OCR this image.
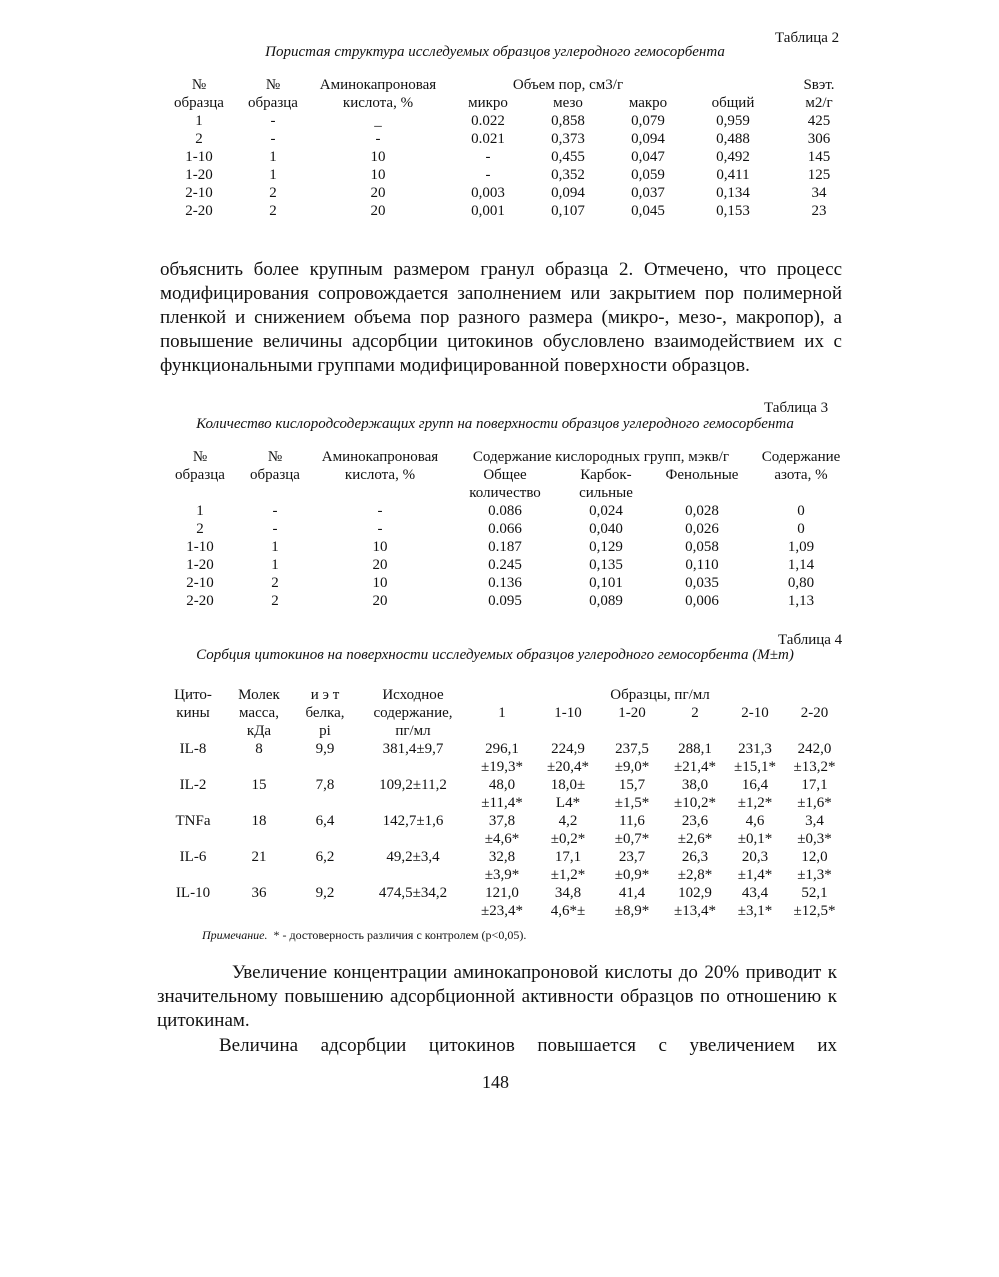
Таблица 2
Пористая структура исследуемых образцов углеродного гемосорбента
№	№	Аминокапроновая	Объем пор, см3/г				Sвэт.
образца	образца	кислота, %	микро	мезо	макро	общий	м2/г
1	-	_	0.022	0,858	0,079	0,959	425
2	-	-	0.021	0,373	0,094	0,488	306
1-10	1	10	-	0,455	0,047	0,492	145
1-20	1	10	-	0,352	0,059	0,411	125
2-10	2	20	0,003	0,094	0,037	0,134	34
2-20	2	20	0,001	0,107	0,045	0,153	23

объяснить более крупным размером гранул образца 2. Отмечено, что процесс модифицирования сопровождается заполнением или закрытием пор полимерной пленкой и снижением объема пор разного размера (микро-, мезо-, макропор), а повышение величины адсорбции цитокинов обусловлено взаимодействием их с функциональными группами модифицированной поверхности образцов.

Таблица 3
Количество кислородсодержащих групп на поверхности образцов углеродного гемосорбента
№	№	Аминокапроновая	Содержание кислородных групп, мэкв/г			Содержание
образца	образца	кислота, %	Общее	Карбок-	Фенольные	азота, %
			количество	сильные		
1	-	-	0.086	0,024	0,028	0
2	-	-	0.066	0,040	0,026	0
1-10	1	10	0.187	0,129	0,058	1,09
1-20	1	20	0.245	0,135	0,110	1,14
2-10	2	10	0.136	0,101	0,035	0,80
2-20	2	20	0.095	0,089	0,006	1,13
Таблица 4
Сорбция цитокинов на поверхности исследуемых образцов углеродного гемосорбента (M±m)
Цито-	Молек	и э т	Исходное		Образцы, пг/мл				
кины	масса,	белка,	содержание,	1	1-10	1-20	2	2-10	2-20
	кДа	pi	пг/мл						
IL-8	8	9,9	381,4±9,7	296,1	224,9	237,5	288,1	231,3	242,0
				±19,3*	±20,4*	±9,0*	±21,4*	±15,1*	±13,2*
IL-2	15	7,8	109,2±11,2	48,0	18,0±	15,7	38,0	16,4	17,1
				±11,4*	L4*	±1,5*	±10,2*	±1,2*	±1,6*
TNFa	18	6,4	142,7±1,6	37,8	4,2	11,6	23,6	4,6	3,4
				±4,6*	±0,2*	±0,7*	±2,6*	±0,1*	±0,3*
IL-6	21	6,2	49,2±3,4	32,8	17,1	23,7	26,3	20,3	12,0
				±3,9*	±1,2*	±0,9*	±2,8*	±1,4*	±1,3*
IL-10	36	9,2	474,5±34,2	121,0	34,8	41,4	102,9	43,4	52,1
				±23,4*	4,6*±	±8,9*	±13,4*	±3,1*	±12,5*
Примечание. * - достоверность различия с контролем (р<0,05).

Увеличение концентрации аминокапроновой кислоты до 20% приводит к значительному повышению адсорбционной активности образцов по отношению к цитокинам.

Величина адсорбции цитокинов повышается с увеличением их

148
